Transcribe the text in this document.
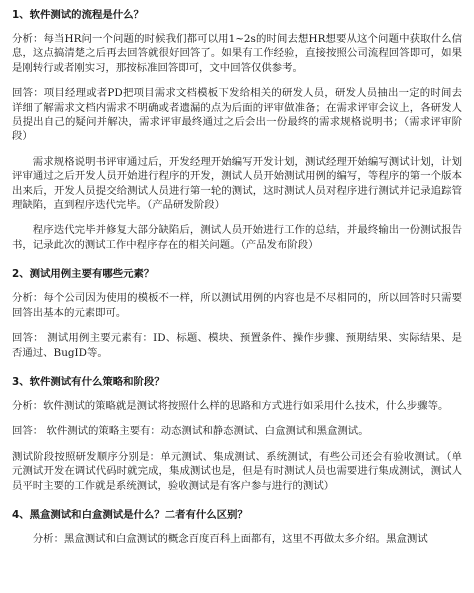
1、软件测试的流程是什么？

分析：每当HR问一个问题的时候我们都可以用1~2s的时间去想HR想要从这个问题中获取什么信息，这点搞清楚之后再去回答就很好回答了。如果有工作经验，直接按照公司流程回答即可，如果是刚转行或者刚实习，那按标准回答即可，文中回答仅供参考。

回答：项目经理或者PD把项目需求文档模板下发给相关的研发人员，研发人员抽出一定的时间去详细了解需求文档内需求不明确或者遗漏的点为后面的评审做准备；在需求评审会议上，各研发人员提出自己的疑问并解决，需求评审最终通过之后会出一份最终的需求规格说明书；（需求评审阶段）

需求规格说明书评审通过后，开发经理开始编写开发计划，测试经理开始编写测试计划，计划评审通过之后开发人员开始进行程序的开发，测试人员开始测试用例的编写，等程序的第一个版本出来后，开发人员提交给测试人员进行第一轮的测试，这时测试人员对程序进行测试并记录追踪管理缺陷，直到程序迭代完毕。（产品研发阶段）

程序迭代完毕并修复大部分缺陷后，测试人员开始进行工作的总结，并最终输出一份测试报告书，记录此次的测试工作中程序存在的相关问题。（产品发布阶段）

2、测试用例主要有哪些元素？

分析：每个公司因为使用的模板不一样，所以测试用例的内容也是不尽相同的，所以回答时只需要回答出基本的元素即可。

回答： 测试用例主要元素有：ID、标题、模块、预置条件、操作步骤、预期结果、实际结果、是否通过、BugID等。

3、软件测试有什么策略和阶段？

分析：软件测试的策略就是测试将按照什么样的思路和方式进行如采用什么技术，什么步骤等。

回答： 软件测试的策略主要有：动态测试和静态测试、白盒测试和黑盒测试。

测试阶段按照研发顺序分别是：单元测试、集成测试、系统测试，有些公司还会有验收测试。（单元测试开发在调试代码时就完成，集成测试也是，但是有时测试人员也需要进行集成测试，测试人员平时主要的工作就是系统测试，验收测试是有客户参与进行的测试）

4、黑盒测试和白盒测试是什么？二者有什么区别？

分析：黑盒测试和白盒测试的概念百度百科上面都有，这里不再做太多介绍。黑盒测试
